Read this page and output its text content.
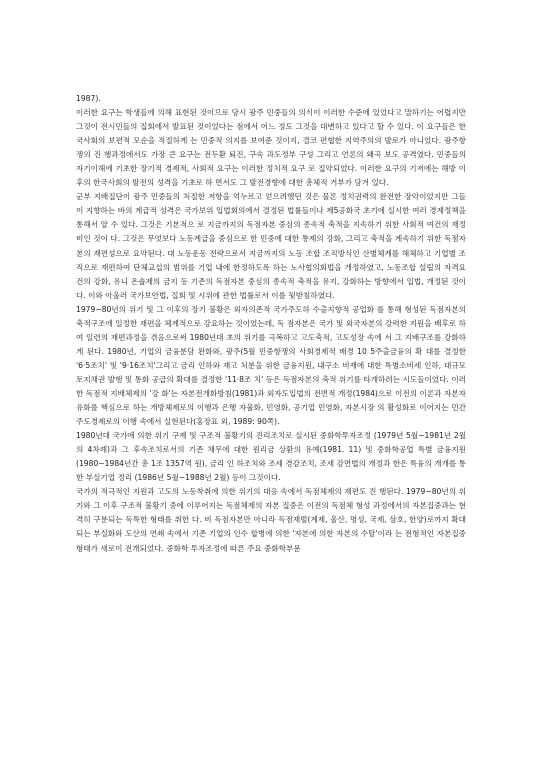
1987).

이러한 요구는 학생들에 의해 표현된 것이므로 당시 광주 민중들의 의식이 이러한 수준에 있었다고 말하기는 어렵지만 그것이 전시민들의 집회에서 발표된 것이었다는 점에서 어느 정도 그것을 대변하고 있다고 할 수 있다. 이 요구들은 한국사회의 보편적 모순을 적절하게 는 민중적 의지를 보여준 것이지, 결코 편협한 지역주의의 발로가 아니었다. 광주항쟁의 진 행과정에서도 가장 큰 요구는 전두환 퇴진, 구속 과도정부 구성 그리고 언론의 왜곡 보도 공격였다. 민중들의 자기이해에 기초한 장기적 경제적, 사회적 요구는 이러한 정치적 요구 로 집약되었다. 이러한 요구의 기저에는 해방 이후의 한국사회의 발전의 성격을 기초로 하 면서도 그 발전경향에 대한 총체적 거부가 담겨 있다.

군부 지배집단이 광주 민중들의 처절한 저항을 억누르고 얻으려했던 것은 물론 정치권력의 완전한 장악이었지만 그들이 지향하는 바의 계급적 성격은 국가보위 입법회의에서 결정된 법률들이나 제5공화국 초기에 실시한 여러 경제정책을 통해서 알 수 있다. 그것은 기본적으 로 지금까지의 독점자본 중심의 종속적 축적을 지속하기 위한 사회적 여건의 재정비인 것이 다. 그것은 무엇보다 노동계급을 중심으로 한 민중에 대한 통제의 강화, 그리고 축적을 계속하기 위한 독점자본의 재편성으로 요약된다. 대 노동운동 전략으로서 지금까지의 노동 조합 조직방식인 산별체계를 해체하고 기업별 조직으로 재편하여 단체교섭의 범위를 기업 내에 한정하도록 하는 노사협의회법을 개정하였고, 노동조합 설립의 자격요건의 강화, 유니 온숍제의 금지 등 기존의 독점자본 중심의 종속적 축적을 유지, 강화하는 방향에서 입법, 개정된 것이다. 이와 아울러 국가보안법, 집회 및 시위에 관한 법률로서 이를 뒷받침하였다.

1979~80년의 위기 및 그 이후의 장기 불황은 외자의존적 국가주도하 수출지향적 공업화 를 통해 형성된 독점자본의 축적구조에 일정한 재편을 체계적으로 강요하는 것이었는데, 독 점자본은 국가 및 외국자본의 강력한 지원을 배후로 하여 일련의 재편과정을 겪음으로써 1980년대 초의 위기를 극복하고 고도축적, 고도성장 속에 서 그 지배구조를 강화하게 된다. 1980년, 기업의 금융분담 완화와, 광주(5월 민중항쟁의 사회경제적 배경 10 5주출금융의 확 대를 결정한 '6·5조치' 및 '9·16조치'그리고 금리 인하와 재고 처분을 위한 금융지원, 내구소 비재에 대한 특별소비세 인하, 대규모 토지채권 발행 및 통화 공급의 확대를 결정한 '11·8조 치' 등은 독점자본의 축적 위기를 타개하려는 시도들이었다. 이러한 독점적 지배체제의 '강 화'는 자본전개화방침(1981)과 외자도입법의 전면적 개정(1984)으로 이전의 이론과 자본자 유화를 핵심으로 하는 개방체제로의 이행과 은행 자율화, 민영화, 공기업 민영화, 자본시장 의 활성화로 이어지는 민간주도경제로의 이행 속에서 실현된다(홍장표 외, 1989: 90쪽).

1980년대 국가에 의한 위기 구제 및 구조적 불황기의 진리조치로 실시된 중화학투자조정 (1979년 5월~1981년 2월의 4차례)과 그 후속조치로서의 기존 채무에 대한 원리금 상환의 유예(1981. 11) 및 중화학공업 특별 금융지원(1980~1984년간 총 1조 1357억 원), 금리 인 하조치와 조세 경감조치, 조세 감면법의 개정과 한은 특융의 개개를 통한 부실기업 정리 (1986년 5월~1988년 2월) 등이 그것이다.

국가의 적극적인 지원과 고도의 노동착취에 의한 위기의 대응 속에서 독점체제의 재편도 진 행된다. 1979~80년의 위기와 그 이후 구조적 불황기 중에 이루어지는 독점체제의 자본 집중은 이전의 독점체 형성 과정에서의 자본집중과는 현격히 구분되는 독특한 형태를 취한 다. 비 독점자본만 아니라 독점재벌(계제, 울산, 명성, 국제, 삼호, 한양)로까지 확대되는 부실화와 도산의 연쇄 속에서 기존 기업의 인수 합병에 의한 '자본에 의한 자본의 수탈'이라 는 전형적인 자본집중형태가 새로이 전개되었다. 중화학 투자조정에 따른 주요 중화학부문
